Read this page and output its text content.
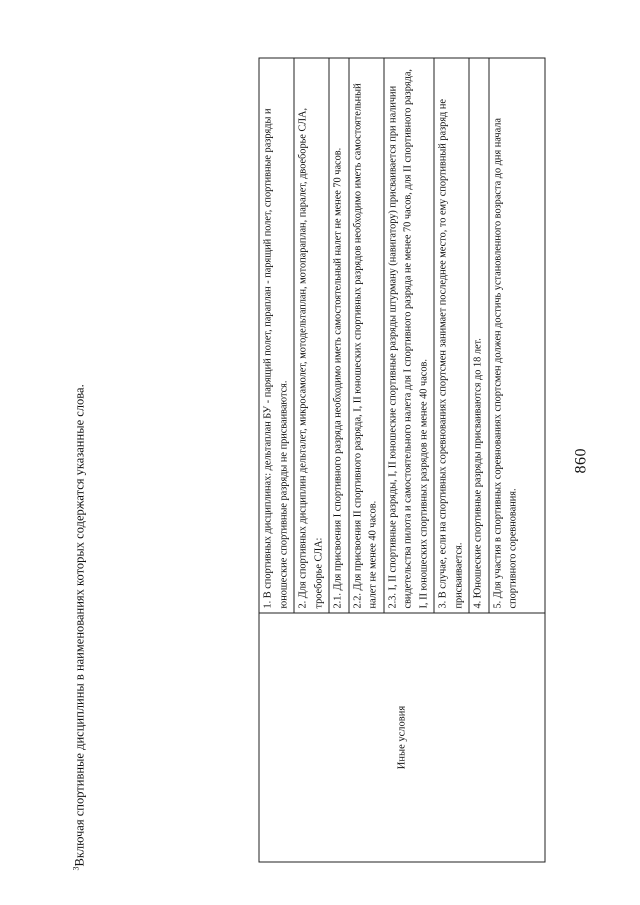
860
Иные условия	
1. В спортивных дисциплинах: дельтаплан БУ - парящий полет, параплан - парящий полет, спортивные разряды и юношеские спортивные разряды не присваиваются. 2. Для спортивных дисциплин дельталет, микросамолет, мотодельтаплан, мотопараплан, паралет, двоеборье СЛА, троеборье СЛА: 2.1. Для присвоения I спортивного разряда необходимо иметь самостоятельный налет не менее 70 часов. 2.2. Для присвоения II спортивного разряда, I, II юношеских спортивных разрядов необходимо иметь самостоятельный налет не менее 40 часов. 2.3. I, II спортивные разряды, I, II юношеские спортивные разряды штурману (навигатору) присваивается при наличии свидетельства пилота и самостоятельного налета для I спортивного разряда не менее 70 часов, для II спортивного разряда, I, II юношеских спортивных разрядов не менее 40 часов. 3. В случае, если на спортивных соревнованиях спортсмен занимает последнее место, то ему спортивный разряд не присваивается. 4. Юношеские спортивные разряды присваиваются до 18 лет. 5. Для участия в спортивных соревнованиях спортсмен должен достичь установленного возраста до дня начала спортивного соревнования.
$^3$Включая спортивные дисциплины в наименованиях которых содержатся указанные слова.
